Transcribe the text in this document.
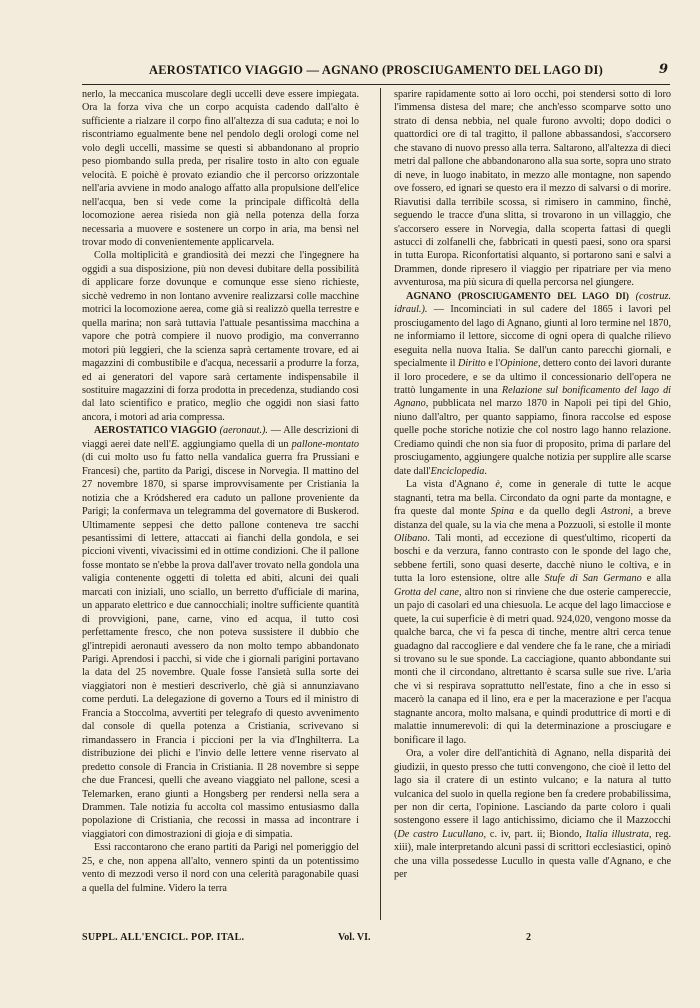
AEROSTATICO VIAGGIO — AGNANO (PROSCIUGAMENTO DEL LAGO DI)	9

nerlo, la meccanica muscolare degli uccelli deve essere impiegata. Ora la forza viva che un corpo acquista cadendo dall'alto è sufficiente a rialzare il corpo fino all'altezza di sua caduta; e noi lo riscontriamo egualmente bene nel pendolo degli orologi come nel volo degli uccelli, massime se questi si abbandonano al proprio peso piombando sulla preda, per risalire tosto in alto con eguale velocità. E poichè è provato eziandio che il percorso orizzontale nell'aria avviene in modo analogo affatto alla propulsione dell'elice nell'acqua, ben si vede come la principale difficoltà della locomozione aerea risieda non già nella potenza della forza necessaria a muovere e sostenere un corpo in aria, ma bensì nel trovar modo di convenientemente applicarvela.

Colla moltiplicità e grandiosità dei mezzi che l'ingegnere ha oggidì a sua disposizione, più non devesi dubitare della possibilità di applicare forze dovunque e comunque esse sieno richieste, sicchè vedremo in non lontano avvenire realizzarsi colle macchine motrici la locomozione aerea, come già si realizzò quella terrestre e quella marina; non sarà tuttavia l'attuale pesantissima macchina a vapore che potrà compiere il nuovo prodigio, ma converranno motori più leggieri, che la scienza saprà certamente trovare, ed ai magazzini di combustibile e d'acqua, necessarii a produrre la forza, ed ai generatori del vapore sarà certamente indispensabile il sostituire magazzini di forza prodotta in precedenza, studiando così dal lato scientifico e pratico, meglio che oggidì non siasi fatto ancora, i motori ad aria compressa.

AEROSTATICO VIAGGIO (aeronaut.). — Alle descrizioni di viaggi aerei date nell'E. aggiungiamo quella di un pallone-montato (di cui molto uso fu fatto nella vandalica guerra fra Prussiani e Francesi) che, partito da Parigi, discese in Norvegia. Il mattino del 27 novembre 1870, si sparse improvvisamente per Cristiania la notizia che a Kródshered era caduto un pallone proveniente da Parigi; la confermava un telegramma del governatore di Buskerod. Ultimamente seppesi che detto pallone conteneva tre sacchi pesantissimi di lettere, attaccati ai fianchi della gondola, e sei piccioni viventi, vivacissimi ed in ottime condizioni. Che il pallone fosse montato se n'ebbe la prova dall'aver trovato nella gondola una valigia contenente oggetti di toletta ed abiti, alcuni dei quali marcati con iniziali, uno sciallo, un berretto d'ufficiale di marina, un apparato elettrico e due cannocchiali; inoltre sufficiente quantità di provvigioni, pane, carne, vino ed acqua, il tutto così perfettamente fresco, che non poteva sussistere il dubbio che gl'intrepidi aeronauti avessero da non molto tempo abbandonato Parigi. Aprendosi i pacchi, si vide che i giornali parigini portavano la data del 25 novembre. Quale fosse l'ansietà sulla sorte dei viaggiatori non è mestieri descriverlo, chè già si annunziavano come perduti. La delegazione di governo a Tours ed il ministro di Francia a Stoccolma, avvertiti per telegrafo di questo avvenimento dal console di quella potenza a Cristiania, scrivevano si rimandassero in Francia i piccioni per la via d'Inghilterra. La distribuzione dei plichi e l'invio delle lettere venne riservato al predetto console di Francia in Cristiania. Il 28 novembre si seppe che due Francesi, quelli che aveano viaggiato nel pallone, scesi a Telemarken, erano giunti a Hongsberg per rendersi nella sera a Drammen. Tale notizia fu accolta col massimo entusiasmo dalla popolazione di Cristiania, che recossi in massa ad incontrare i viaggiatori con dimostrazioni di gioja e di simpatia.

Essi raccontarono che erano partiti da Parigi nel pomeriggio del 25, e che, non appena all'alto, vennero spinti da un potentissimo vento di mezzodì verso il nord con una celerità paragonabile quasi a quella del fulmine. Videro la terra

sparire rapidamente sotto ai loro occhi, poi stendersi sotto di loro l'immensa distesa del mare; che anch'esso scomparve sotto uno strato di densa nebbia, nel quale furono avvolti; dopo dodici o quattordici ore di tal tragitto, il pallone abbassandosi, s'accorsero che stavano di nuovo presso alla terra. Saltarono, all'altezza di dieci metri dal pallone che abbandonarono alla sua sorte, sopra uno strato di neve, in luogo inabitato, in mezzo alle montagne, non sapendo ove fossero, ed ignari se questo era il mezzo di salvarsi o di morire. Riavutisi dalla terribile scossa, si rimisero in cammino, finchè, seguendo le tracce d'una slitta, si trovarono in un villaggio, che s'accorsero essere in Norvegia, dalla scoperta fattasi di quegli astucci di zolfanelli che, fabbricati in questi paesi, sono ora sparsi in tutta Europa. Riconfortatisi alquanto, si portarono sani e salvi a Drammen, donde ripresero il viaggio per ripatriare per via meno avventurosa, ma più sicura di quella percorsa nel giungere.

AGNANO (PROSCIUGAMENTO DEL LAGO DI) (costruz. idraul.). — Incominciati in sul cadere del 1865 i lavori pel prosciugamento del lago di Agnano, giunti al loro termine nel 1870, ne informiamo il lettore, siccome di ogni opera di qualche rilievo eseguita nella nuova Italia. Se dall'un canto parecchi giornali, e specialmente il Diritto e l'Opinione, dettero conto dei lavori durante il loro procedere, e se da ultimo il concessionario dell'opera ne trattò lungamente in una Relazione sul bonificamento del lago di Agnano, pubblicata nel marzo 1870 in Napoli pei tipi del Ghio, niuno dall'altro, per quanto sappiamo, finora raccolse ed espose quelle poche storiche notizie che col nostro lago hanno relazione. Crediamo quindi che non sia fuor di proposito, prima di parlare del prosciugamento, aggiungere qualche notizia per supplire alle scarse date dall'Enciclopedia.

La vista d'Agnano è, come in generale di tutte le acque stagnanti, tetra ma bella. Circondato da ogni parte da montagne, e fra queste dal monte Spina e da quello degli Astroni, a breve distanza del quale, su la via che mena a Pozzuoli, si estolle il monte Olibano. Tali monti, ad eccezione di quest'ultimo, ricoperti da boschi e da verzura, fanno contrasto con le sponde del lago che, sebbene fertili, sono quasi deserte, dacchè niuno le coltiva, e in tutta la loro estensione, oltre alle Stufe di San Germano e alla Grotta del cane, altro non si rinviene che due osterie campereccie, un pajo di casolari ed una chiesuola. Le acque del lago limacciose e quete, la cui superficie è di metri quad. 924,020, vengono mosse da qualche barca, che vi fa pesca di tinche, mentre altri cerca tenue guadagno dal raccogliere e dal vendere che fa le rane, che a miriadi si trovano su le sue sponde. La cacciagione, quanto abbondante sui monti che il circondano, altrettanto è scarsa sulle sue rive. L'aria che vi si respirava soprattutto nell'estate, fino a che in esso si macerò la canapa ed il lino, era e per la macerazione e per l'acqua stagnante ancora, molto malsana, e quindi produttrice di morti e di malattie innumerevoli: di qui la determinazione a prosciugare e bonificare il lago.

Ora, a voler dire dell'antichità di Agnano, nella disparità dei giudizii, in questo presso che tutti convengono, che cioè il letto del lago sia il cratere di un estinto vulcano; e la natura al tutto vulcanica del suolo in quella regione ben fa credere probabilissima, per non dir certa, l'opinione. Lasciando da parte coloro i quali sostengono essere il lago antichissimo, diciamo che il Mazzocchi (De castro Lucullano, c. iv, part. ii; Biondo, Italia illustrata, reg. xiii), male interpretando alcuni passi di scrittori ecclesiastici, opinò che una villa possedesse Lucullo in questa valle d'Agnano, e che per

SUPPL. ALL'ENCICL. POP. ITAL.	Vol. VI.	2
